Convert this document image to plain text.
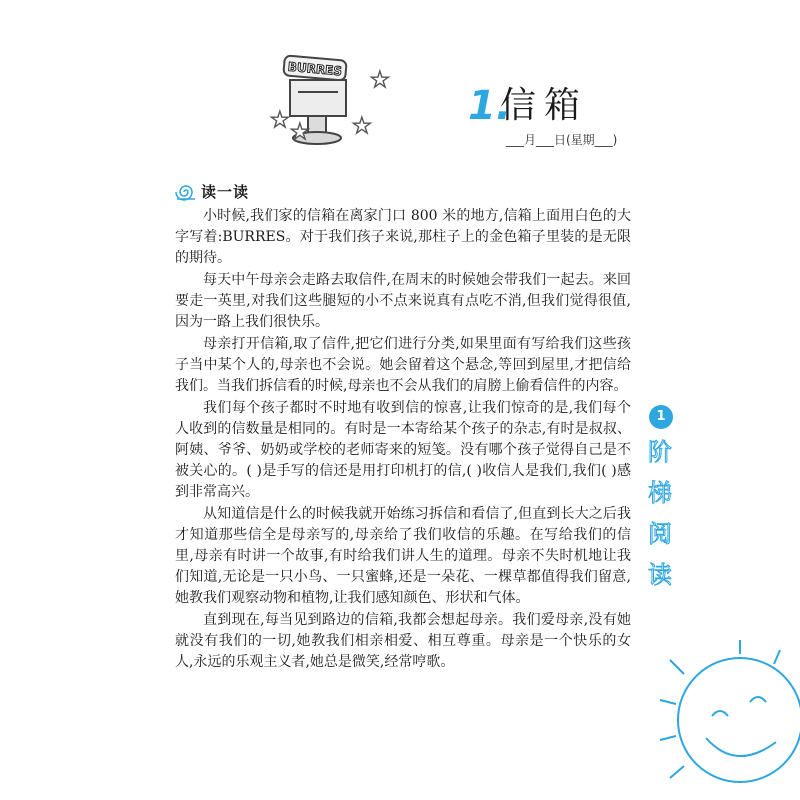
BURRES
★ ★
★
★ 1.
信箱
___月___日(星期___)
读一读

小时候,我们家的信箱在离家门口 800 米的地方,信箱上面用白色的大字写着:BURRES。对于我们孩子来说,那柱子上的金色箱子里装的是无限的期待。

每天中午母亲会走路去取信件,在周末的时候她会带我们一起去。来回要走一英里,对我们这些腿短的小不点来说真有点吃不消,但我们觉得很值,因为一路上我们很快乐。

母亲打开信箱,取了信件,把它们进行分类,如果里面有写给我们这些孩子当中某个人的,母亲也不会说。她会留着这个悬念,等回到屋里,才把信给我们。当我们拆信看的时候,母亲也不会从我们的肩膀上偷看信件的内容。

我们每个孩子都时不时地有收到信的惊喜,让我们惊奇的是,我们每个人收到的信数量是相同的。有时是一本寄给某个孩子的杂志,有时是叔叔、阿姨、爷爷、奶奶或学校的老师寄来的短笺。没有哪个孩子觉得自己是不被关心的。( )是手写的信还是用打印机打的信,( )收信人是我们,我们( )感到非常高兴。

从知道信是什么的时候我就开始练习拆信和看信了,但直到长大之后我才知道那些信全是母亲写的,母亲给了我们收信的乐趣。在写给我们的信里,母亲有时讲一个故事,有时给我们讲人生的道理。母亲不失时机地让我们知道,无论是一只小鸟、一只蜜蜂,还是一朵花、一棵草都值得我们留意,她教我们观察动物和植物,让我们感知颜色、形状和气体。

直到现在,每当见到路边的信箱,我都会想起母亲。我们爱母亲,没有她就没有我们的一切,她教我们相亲相爱、相互尊重。母亲是一个快乐的女人,永远的乐观主义者,她总是微笑,经常哼歌。

1
阶
梯
阅
读
